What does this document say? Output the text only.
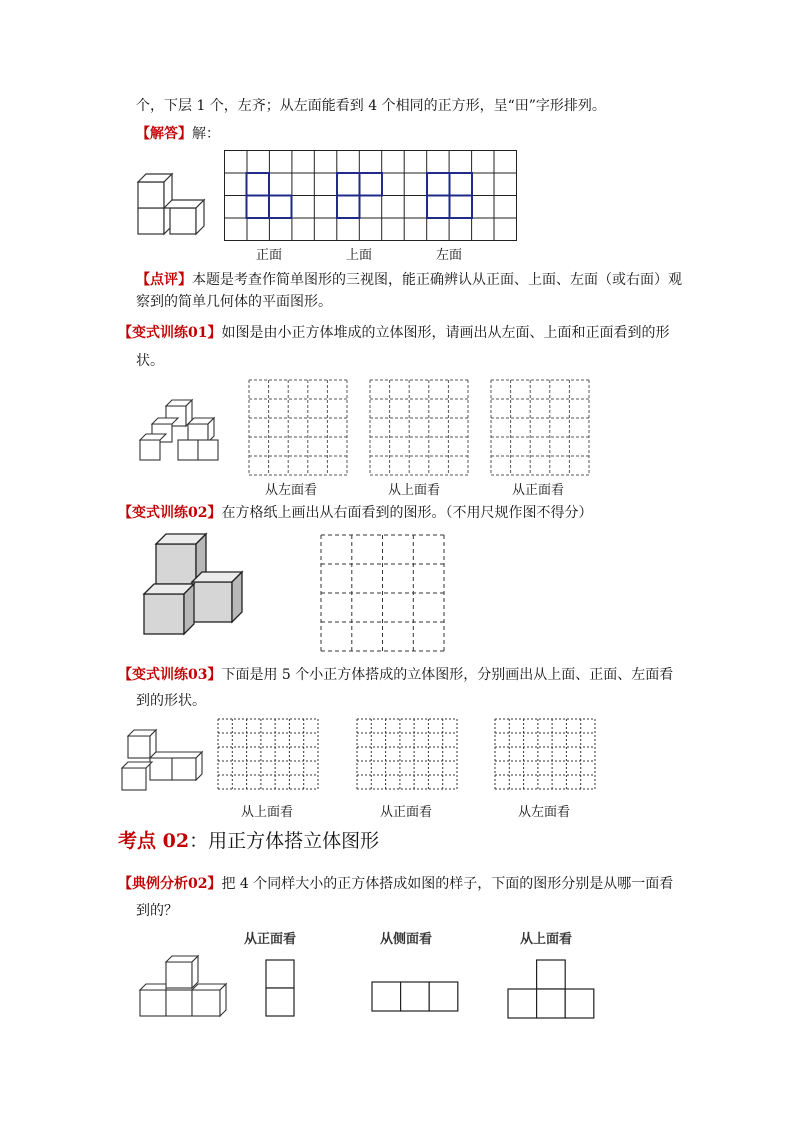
个，下层 1 个，左齐；从左面能看到 4 个相同的正方形，呈“田”字形排列。
【解答】解：
正面	上面	左面
【点评】本题是考查作简单图形的三视图，能正确辨认从正面、上面、左面（或右面）观
察到的简单几何体的平面图形。
【变式训练01】如图是由小正方体堆成的立体图形，请画出从左面、上面和正面看到的形
状。
从左面看	从上面看	从正面看
【变式训练02】在方格纸上画出从右面看到的图形。（不用尺规作图不得分）
【变式训练03】下面是用 5 个小正方体搭成的立体图形，分别画出从上面、正面、左面看
到的形状。
从上面看	从正面看	从左面看
考点 02：用正方体搭立体图形
【典例分析02】把 4 个同样大小的正方体搭成如图的样子，下面的图形分别是从哪一面看
到的？
从正面看	从侧面看	从上面看
